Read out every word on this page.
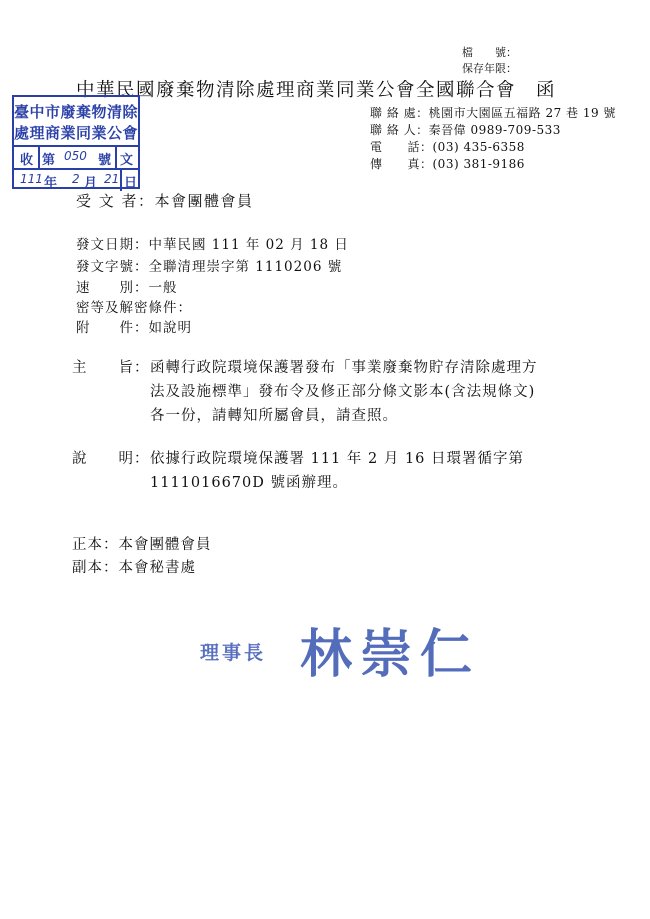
檔　　號：
保存年限：
中華民國廢棄物清除處理商業同業公會全國聯合會　函
聯 絡 處：桃園市大園區五福路 27 巷 19 號
聯 絡 人：秦晉偉 0989-709-533
電　　話：(03) 435-6358
傳　　真：(03) 381-9186
臺中市廢棄物清除
處理商業同業公會
收 第 050 號 文
111 年 2 月 21 日
受 文 者：本會團體會員
發文日期：中華民國 111 年 02 月 18 日
發文字號：全聯清理崇字第 1110206 號
速　　別：一般
密等及解密條件：
附　　件：如說明
主　　旨： 函轉行政院環境保護署發布「事業廢棄物貯存清除處理方
法及設施標準」發布令及修正部分條文影本(含法規條文)
各一份，請轉知所屬會員，請查照。
說　　明： 依據行政院環境保護署 111 年 2 月 16 日環署循字第
1111016670D 號函辦理。
正本：本會團體會員
副本：本會秘書處
理事長 林崇仁
